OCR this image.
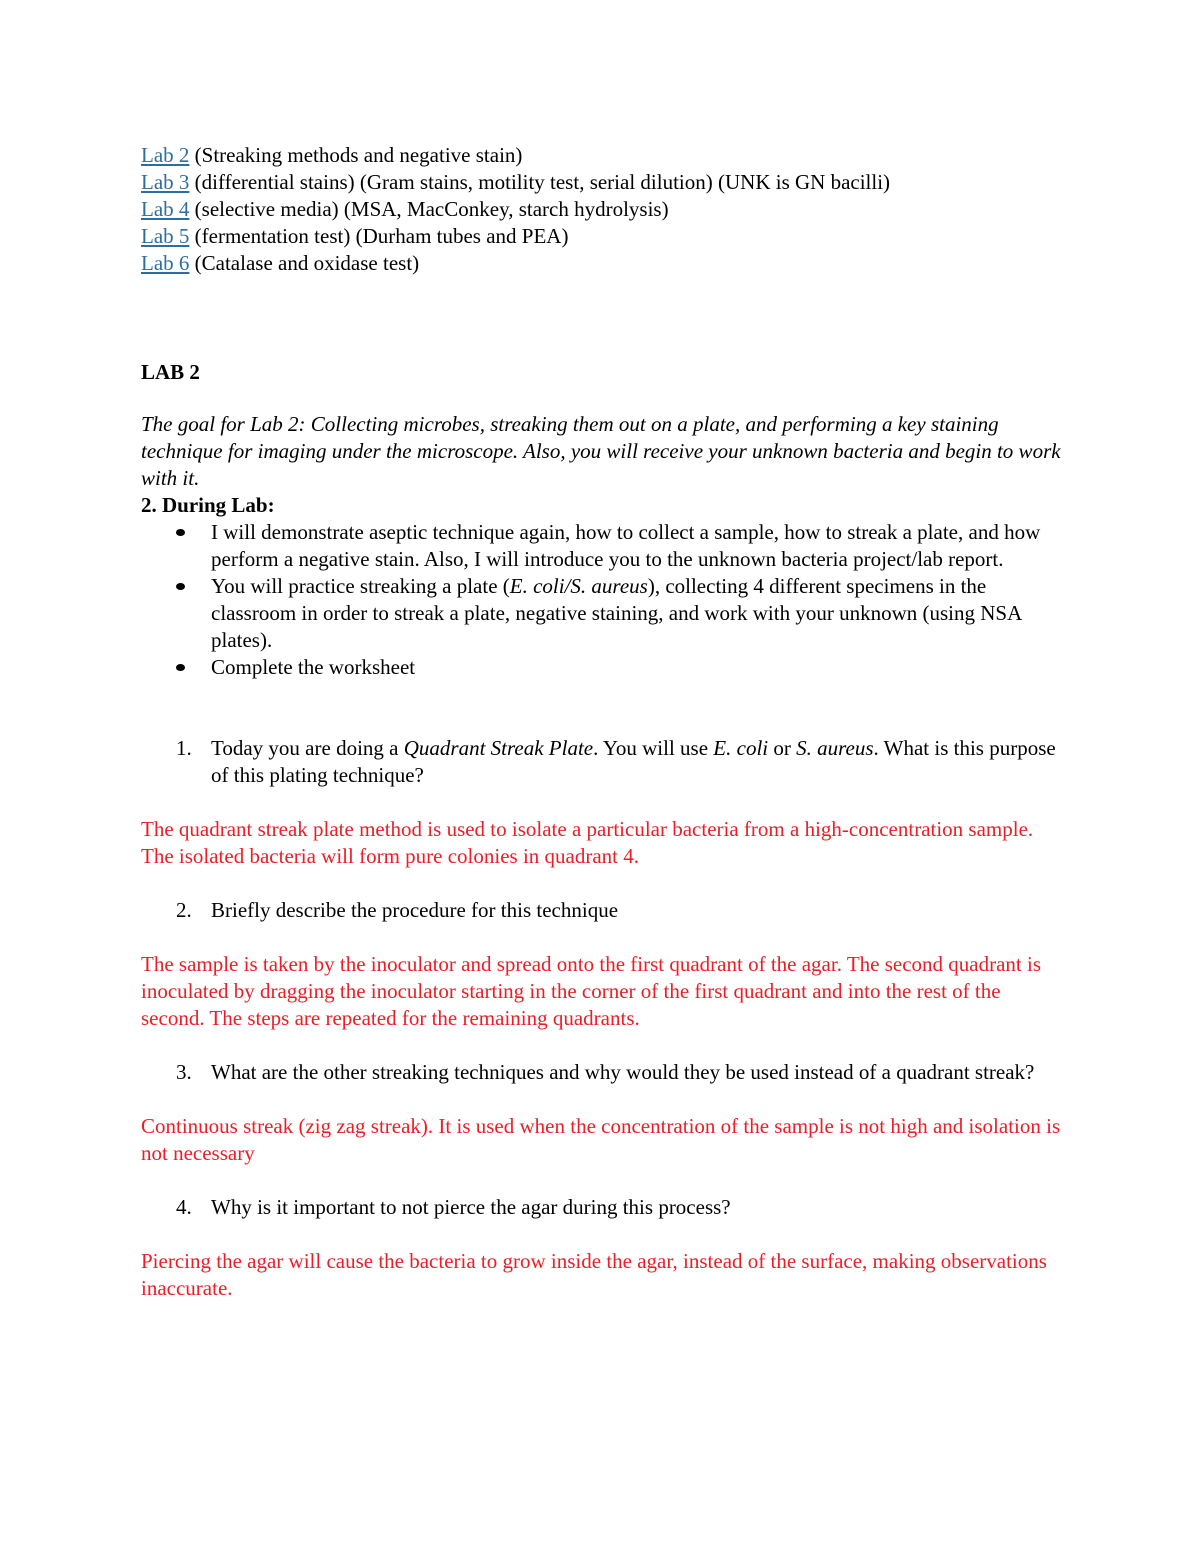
Lab 2 (Streaking methods and negative stain)

Lab 3 (differential stains) (Gram stains, motility test, serial dilution) (UNK is GN bacilli)

Lab 4 (selective media) (MSA, MacConkey, starch hydrolysis)

Lab 5 (fermentation test) (Durham tubes and PEA)

Lab 6 (Catalase and oxidase test)

LAB 2

The goal for Lab 2: Collecting microbes, streaking them out on a plate, and performing a key staining technique for imaging under the microscope. Also, you will receive your unknown bacteria and begin to work with it.

2. During Lab:

I will demonstrate aseptic technique again, how to collect a sample, how to streak a plate, and how perform a negative stain. Also, I will introduce you to the unknown bacteria project/lab report.
You will practice streaking a plate (E. coli/S. aureus), collecting 4 different specimens in the classroom in order to streak a plate, negative staining, and work with your unknown (using NSA plates).
Complete the worksheet

1. Today you are doing a Quadrant Streak Plate. You will use E. coli or S. aureus. What is this purpose of this plating technique?

The quadrant streak plate method is used to isolate a particular bacteria from a high-concentration sample. The isolated bacteria will form pure colonies in quadrant 4.

2. Briefly describe the procedure for this technique

The sample is taken by the inoculator and spread onto the first quadrant of the agar. The second quadrant is inoculated by dragging the inoculator starting in the corner of the first quadrant and into the rest of the second. The steps are repeated for the remaining quadrants.

3. What are the other streaking techniques and why would they be used instead of a quadrant streak?

Continuous streak (zig zag streak). It is used when the concentration of the sample is not high and isolation is not necessary

4. Why is it important to not pierce the agar during this process?

Piercing the agar will cause the bacteria to grow inside the agar, instead of the surface, making observations inaccurate.
